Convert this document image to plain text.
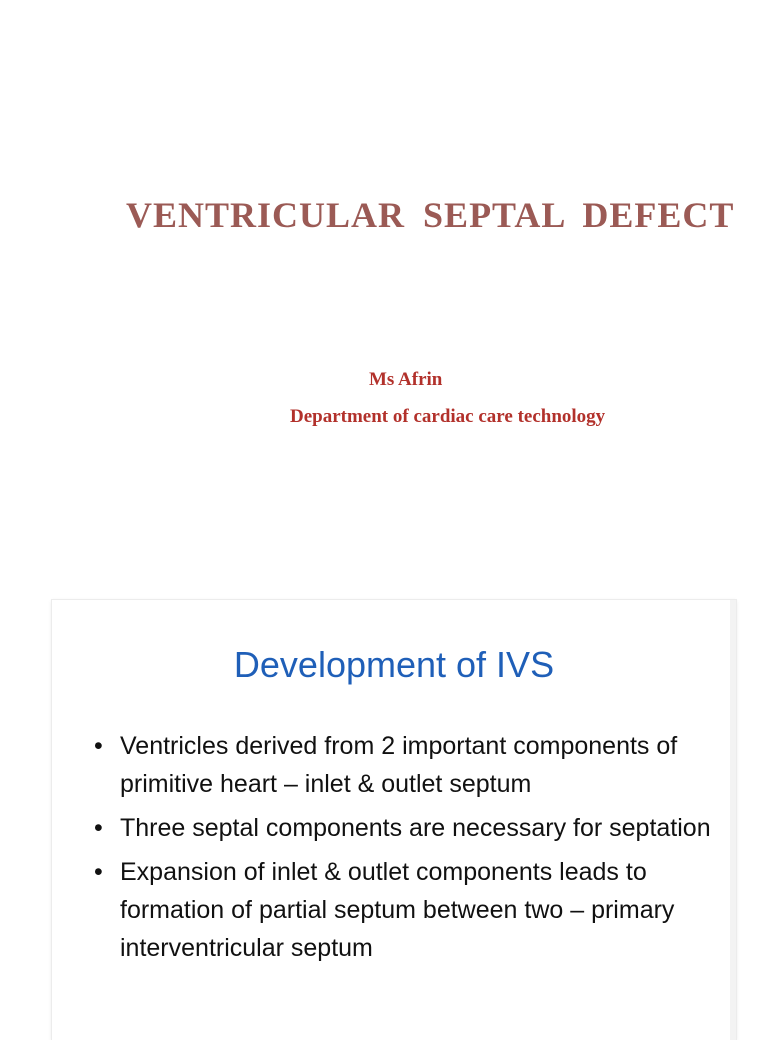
VENTRICULAR SEPTAL DEFECT

Ms Afrin

Department of cardiac care technology

Development of IVS
• Ventricles derived from 2 important components of primitive heart – inlet & outlet septum
• Three septal components are necessary for septation
• Expansion of inlet & outlet components leads to formation of partial septum between two – primary interventricular septum
